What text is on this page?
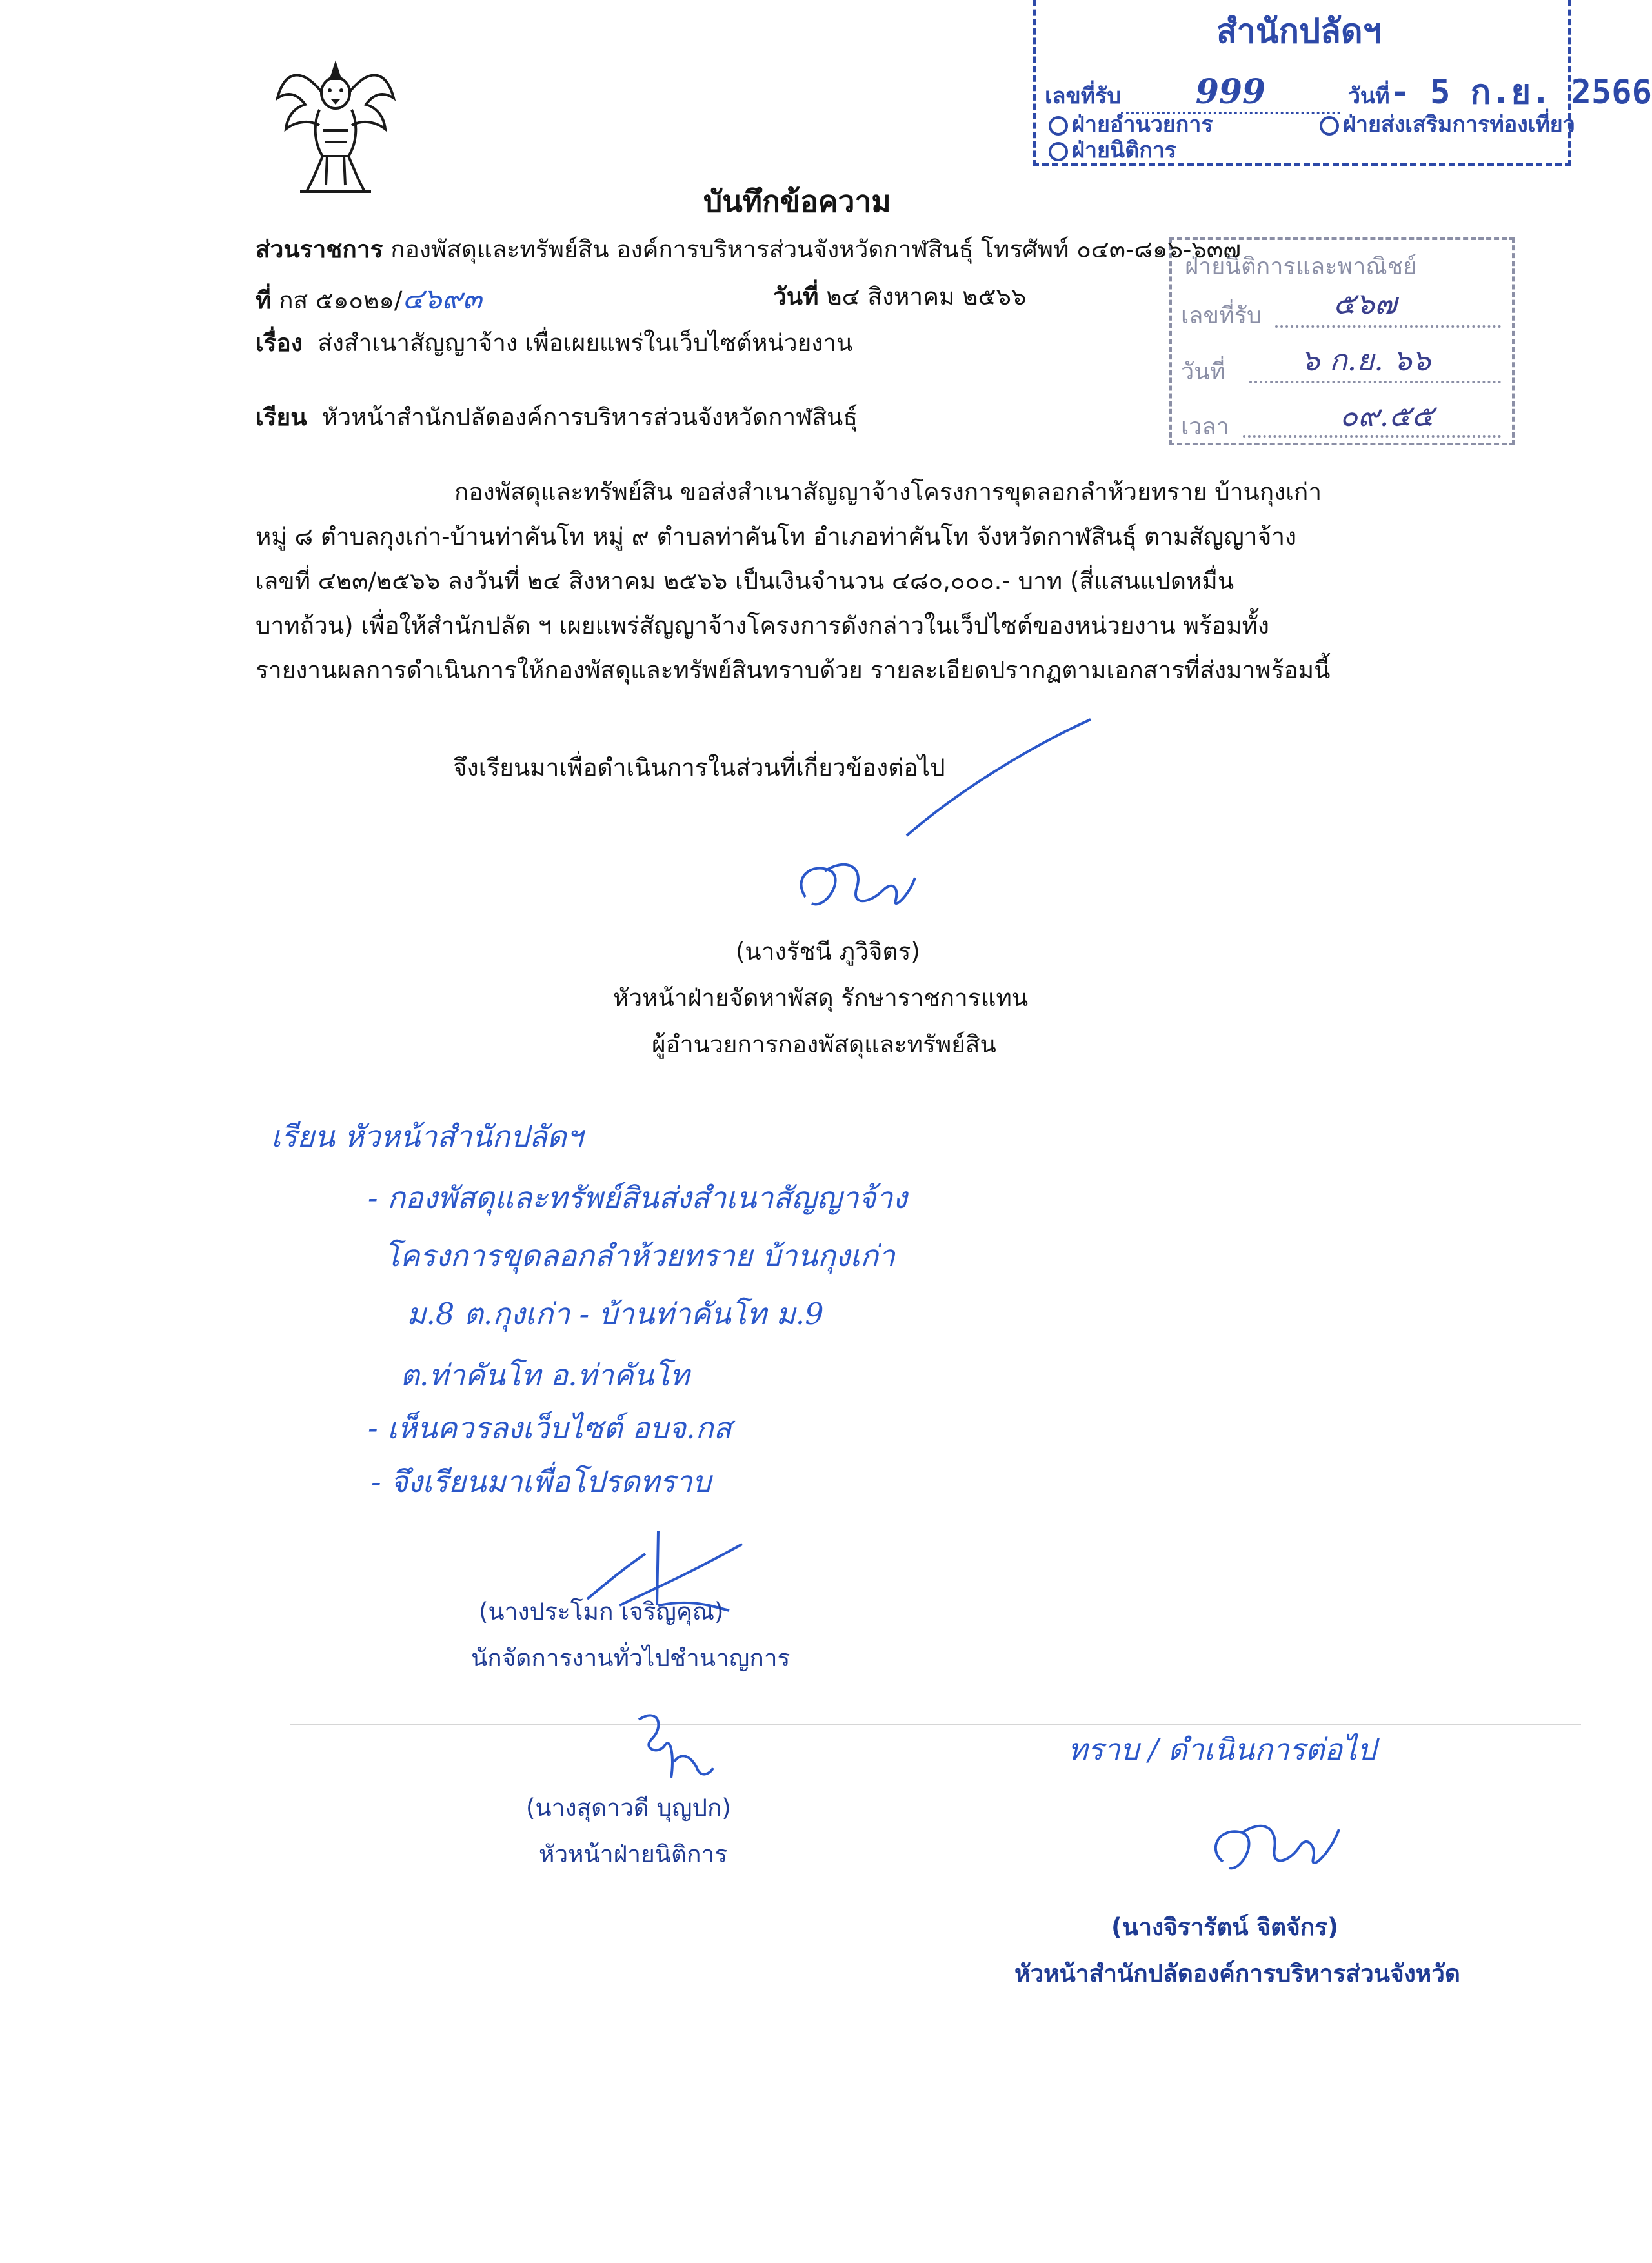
สำนักปลัดฯ
เลขที่รับ 999	วันที่- 5 ก.ย. 2566
ฝ่ายอำนวยการ
ฝ่ายนิติการ
ฝ่ายส่งเสริมการท่องเที่ยว
ฝ่ายนิติการและพาณิชย์
เลขที่รับ ๕๖๗
วันที่	๖ ก.ย. ๖๖
เวลา	๐๙.๕๕
บันทึกข้อความ
ส่วนราชการ กองพัสดุและทรัพย์สิน องค์การบริหารส่วนจังหวัดกาฬสินธุ์ โทรศัพท์ ๐๔๓-๘๑๖-๖๓๗
ที่ กส ๕๑๐๒๑/๔๖๙๓	วันที่ ๒๔ สิงหาคม ๒๕๖๖
เรื่อง ส่งสำเนาสัญญาจ้าง เพื่อเผยแพร่ในเว็บไซต์หน่วยงาน
เรียน หัวหน้าสำนักปลัดองค์การบริหารส่วนจังหวัดกาฬสินธุ์
กองพัสดุและทรัพย์สิน ขอส่งสำเนาสัญญาจ้างโครงการขุดลอกลำห้วยทราย บ้านกุงเก่า
หมู่ ๘ ตำบลกุงเก่า-บ้านท่าคันโท หมู่ ๙ ตำบลท่าคันโท อำเภอท่าคันโท จังหวัดกาฬสินธุ์ ตามสัญญาจ้าง
เลขที่ ๔๒๓/๒๕๖๖ ลงวันที่ ๒๔ สิงหาคม ๒๕๖๖ เป็นเงินจำนวน ๔๘๐,๐๐๐.- บาท (สี่แสนแปดหมื่น
บาทถ้วน) เพื่อให้สำนักปลัด ฯ เผยแพร่สัญญาจ้างโครงการดังกล่าวในเว็ปไซต์ของหน่วยงาน พร้อมทั้ง
รายงานผลการดำเนินการให้กองพัสดุและทรัพย์สินทราบด้วย รายละเอียดปรากฏตามเอกสารที่ส่งมาพร้อมนี้
จึงเรียนมาเพื่อดำเนินการในส่วนที่เกี่ยวข้องต่อไป
(นางรัชนี ภูวิจิตร)
หัวหน้าฝ่ายจัดหาพัสดุ รักษาราชการแทน
ผู้อำนวยการกองพัสดุและทรัพย์สิน
เรียน หัวหน้าสำนักปลัดฯ
- กองพัสดุและทรัพย์สินส่งสำเนาสัญญาจ้าง
โครงการขุดลอกลำห้วยทราย บ้านกุงเก่า
ม.8 ต.กุงเก่า - บ้านท่าคันโท ม.9
ต.ท่าคันโท อ.ท่าคันโท
- เห็นควรลงเว็บไซต์ อบจ.กส
- จึงเรียนมาเพื่อโปรดทราบ
(นางประโมก เจริญคุณ)
นักจัดการงานทั่วไปชำนาญการ
(นางสุดาวดี บุญปก)
หัวหน้าฝ่ายนิติการ
ทราบ / ดำเนินการต่อไป
(นางจิรารัตน์ จิตจักร)
หัวหน้าสำนักปลัดองค์การบริหารส่วนจังหวัด
